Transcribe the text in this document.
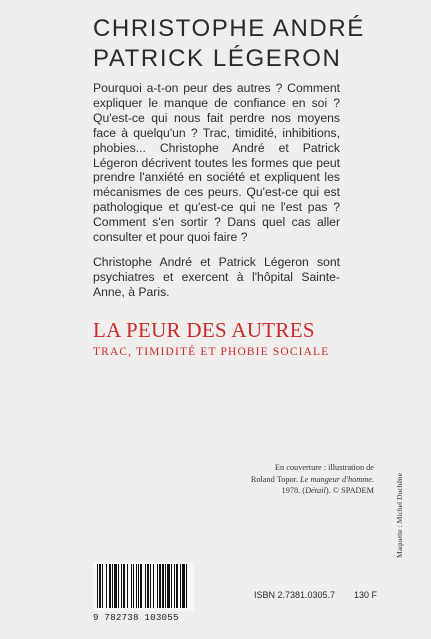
CHRISTOPHE ANDRÉ
PATRICK LÉGERON

Pourquoi a-t-on peur des autres ? Comment expliquer le manque de confiance en soi ? Qu'est-ce qui nous fait perdre nos moyens face à quelqu'un ? Trac, timidité, inhibitions, phobies... Christophe André et Patrick Légeron décrivent toutes les formes que peut prendre l'anxiété en société et expliquent les mécanismes de ces peurs. Qu'est-ce qui est pathologique et qu'est-ce qui ne l'est pas ? Comment s'en sortir ? Dans quel cas aller consulter et pour quoi faire ?

Christophe André et Patrick Légeron sont psychiatres et exercent à l'hôpital Sainte-Anne, à Paris.

LA PEUR DES AUTRES
TRAC, TIMIDITÉ ET PHOBIE SOCIALE
En couverture : illustration de
Roland Topor. Le mangeur d'homme.
1978. (Détail). © SPADEM	Maquette : Michel Duchêne
9 782738 103055
ISBN 2.7381.0305.7 130 F
